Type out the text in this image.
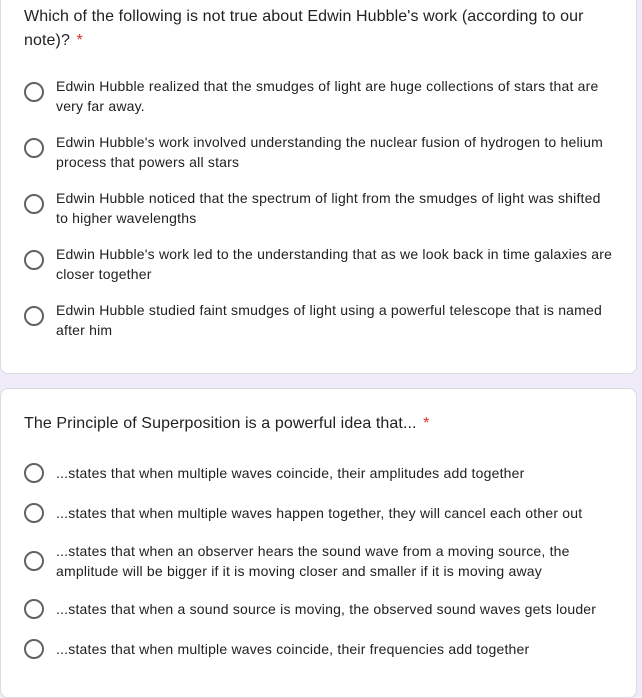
Which of the following is not true about Edwin Hubble's work (according to our note)? *
Edwin Hubble realized that the smudges of light are huge collections of stars that are very far away.
Edwin Hubble's work involved understanding the nuclear fusion of hydrogen to helium process that powers all stars
Edwin Hubble noticed that the spectrum of light from the smudges of light was shifted to higher wavelengths
Edwin Hubble's work led to the understanding that as we look back in time galaxies are closer together
Edwin Hubble studied faint smudges of light using a powerful telescope that is named after him
The Principle of Superposition is a powerful idea that... *
...states that when multiple waves coincide, their amplitudes add together
...states that when multiple waves happen together, they will cancel each other out
...states that when an observer hears the sound wave from a moving source, the amplitude will be bigger if it is moving closer and smaller if it is moving away
...states that when a sound source is moving, the observed sound waves gets louder
...states that when multiple waves coincide, their frequencies add together
